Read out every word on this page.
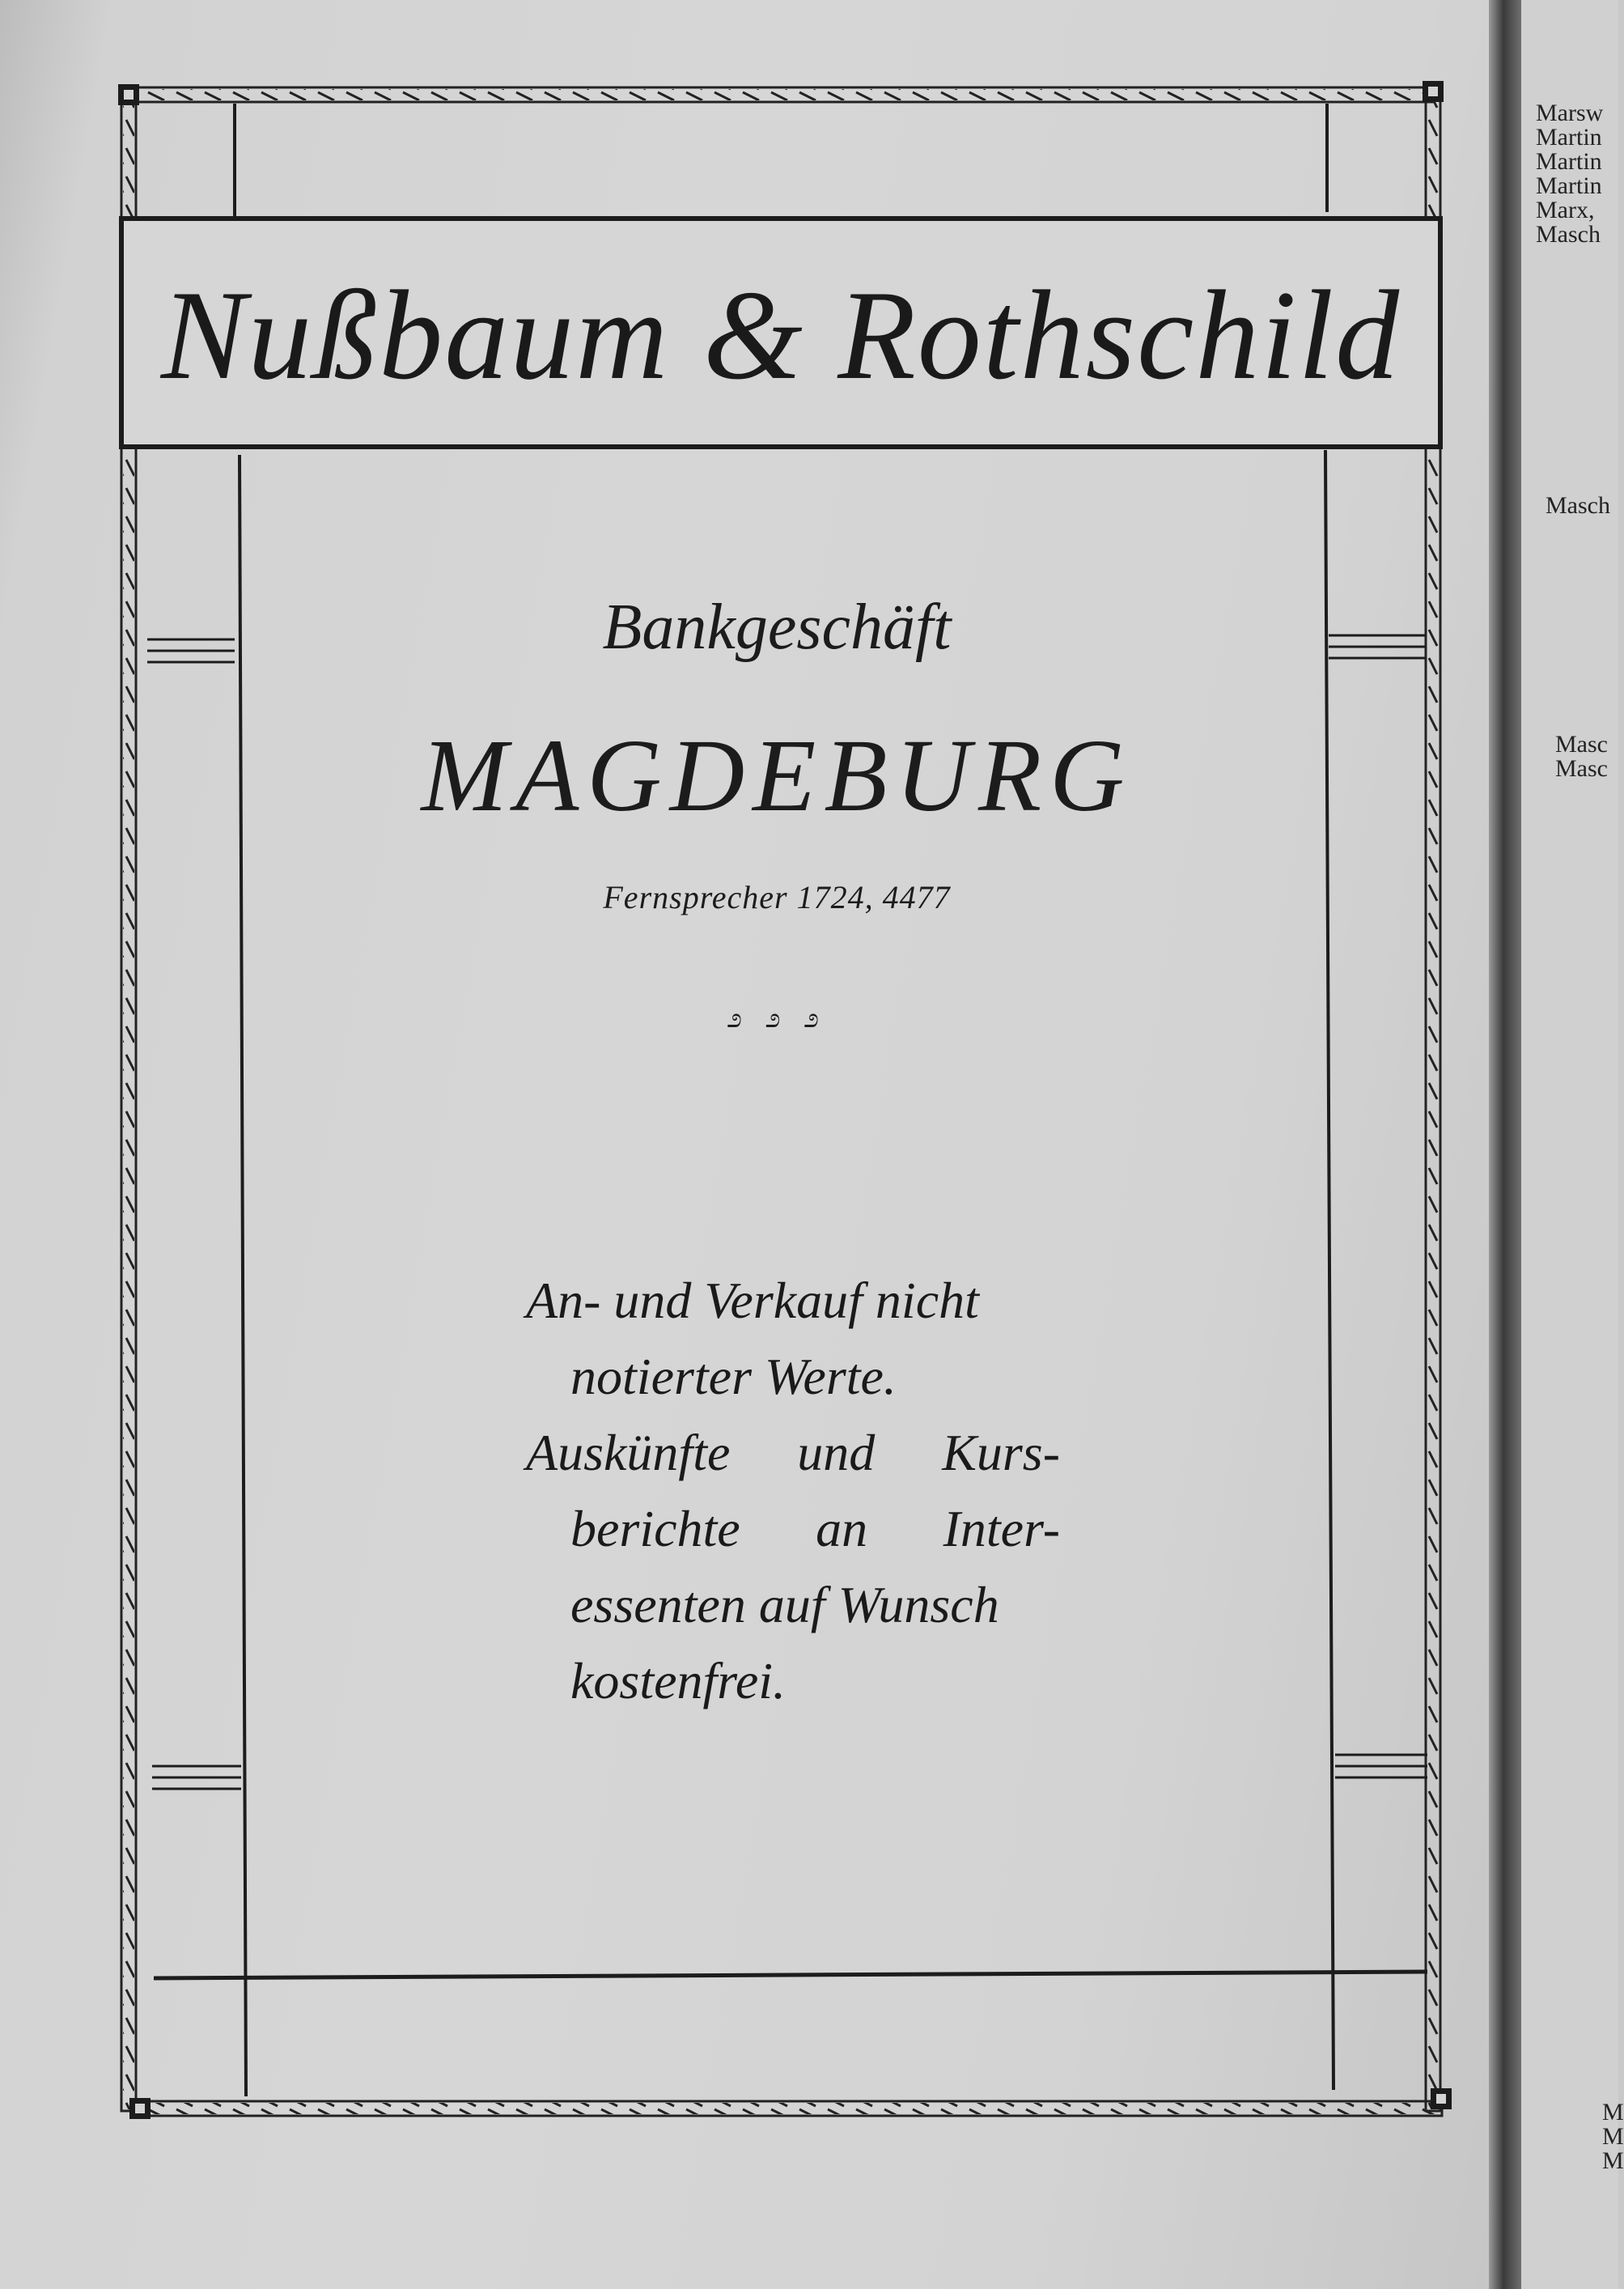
Marsw
Martin
Martin
Martin
Marx,
Masch
Masch
Masc
Masc
M
M
M
Nußbaum & Rothschild
Bankgeschäft
MAGDEBURG
Fernsprecher 1724, 4477
೨ ೨ ೨
An- und Verkauf nicht
notierter Werte.
Auskünfte und Kurs-
berichte an Inter-
essenten auf Wunsch
kostenfrei.
